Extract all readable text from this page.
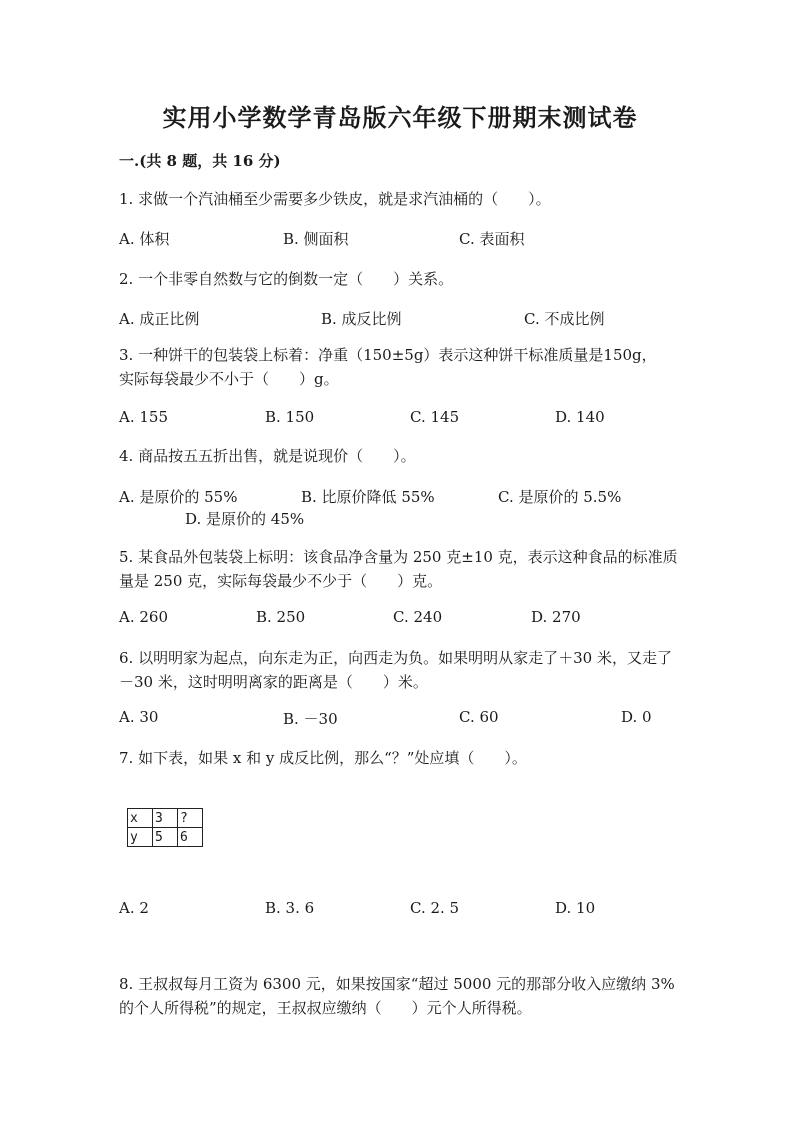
实用小学数学青岛版六年级下册期末测试卷
一.(共 8 题，共 16 分)
1. 求做一个汽油桶至少需要多少铁皮，就是求汽油桶的（　　）。
A. 体积	B. 侧面积	C. 表面积
2. 一个非零自然数与它的倒数一定（　　）关系。
A. 成正比例	B. 成反比例	C. 不成比例
3. 一种饼干的包装袋上标着：净重（150±5g）表示这种饼干标准质量是150g，实际每袋最少不小于（　　）g。
A. 155	B. 150	C. 145	D. 140
4. 商品按五五折出售，就是说现价（　　）。
A. 是原价的 55%	B. 比原价降低 55%	C. 是原价的 5.5%
D. 是原价的 45%
5. 某食品外包装袋上标明：该食品净含量为 250 克±10 克，表示这种食品的标准质量是 250 克，实际每袋最少不少于（　　）克。
A. 260	B. 250	C. 240	D. 270
6. 以明明家为起点，向东走为正，向西走为负。如果明明从家走了＋30 米，又走了－30 米，这时明明离家的距离是（　　）米。
A. 30	B. －30	C. 60	D. 0
7. 如下表，如果 x 和 y 成反比例，那么“？”处应填（　　）。
x	3	?
y	5	6
A. 2	B. 3. 6	C. 2. 5	D. 10
8. 王叔叔每月工资为 6300 元，如果按国家“超过 5000 元的那部分收入应缴纳 3%的个人所得税”的规定，王叔叔应缴纳（　　）元个人所得税。
